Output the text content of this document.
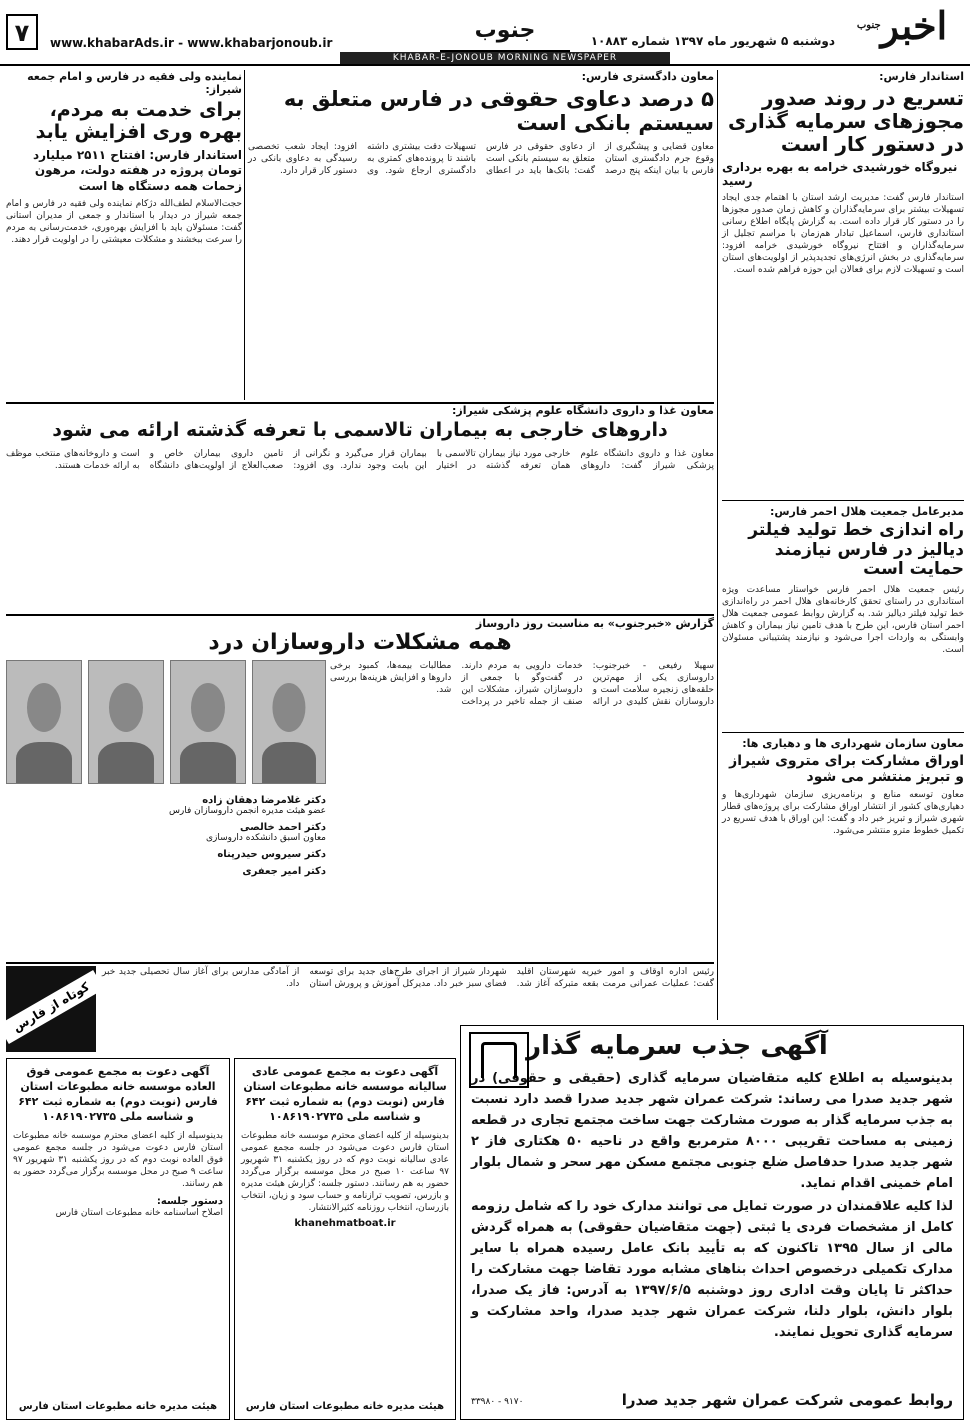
اخبر$^{جنوب}$
دوشنبه ۵ شهریور ماه ۱۳۹۷ شماره ۱۰۸۸۳
جنوب
KHABAR-E-JONOUB MORNING NEWSPAPER
www.khabarAds.ir - www.khabarjonoub.ir
۷
استاندار فارس:
تسریع در روند صدور مجوزهای سرمایه گذاری در دستور کار است
نیروگاه خورشیدی خرامه به بهره برداری رسید
استاندار فارس گفت: مدیریت ارشد استان با اهتمام جدی ایجاد تسهیلات بیشتر برای سرمایه‌گذاران و کاهش زمان صدور مجوزها را در دستور کار قرار داده است. به گزارش پایگاه اطلاع رسانی استانداری فارس، اسماعیل تبادار هم‌زمان با مراسم تجلیل از سرمایه‌گذاران و افتتاح نیروگاه خورشیدی خرامه افزود: سرمایه‌گذاری در بخش انرژی‌های تجدیدپذیر از اولویت‌های استان است و تسهیلات لازم برای فعالان این حوزه فراهم شده است.
مدیرعامل جمعیت هلال احمر فارس:
راه اندازی خط تولید فیلتر دیالیز در فارس نیازمند حمایت است
رئیس جمعیت هلال احمر فارس خواستار مساعدت ویژه استانداری در راستای تحقق کارخانه‌های هلال احمر در راه‌اندازی خط تولید فیلتر دیالیز شد. به گزارش روابط عمومی جمعیت هلال احمر استان فارس، این طرح با هدف تامین نیاز بیماران و کاهش وابستگی به واردات اجرا می‌شود و نیازمند پشتیبانی مسئولان است.
معاون سازمان شهرداری ها و دهیاری ها:
اوراق مشارکت برای متروی شیراز و تبریز منتشر می شود
معاون توسعه منابع و برنامه‌ریزی سازمان شهرداری‌ها و دهیاری‌های کشور از انتشار اوراق مشارکت برای پروژه‌های قطار شهری شیراز و تبریز خبر داد و گفت: این اوراق با هدف تسریع در تکمیل خطوط مترو منتشر می‌شود.
معاون دادگستری فارس:
۵ درصد دعاوی حقوقی در فارس متعلق به سیستم بانکی است
معاون قضایی و پیشگیری از وقوع جرم دادگستری استان فارس با بیان اینکه پنج درصد از دعاوی حقوقی در فارس متعلق به سیستم بانکی است گفت: بانک‌ها باید در اعطای تسهیلات دقت بیشتری داشته باشند تا پرونده‌های کمتری به دادگستری ارجاع شود. وی افزود: ایجاد شعب تخصصی رسیدگی به دعاوی بانکی در دستور کار قرار دارد.
نماینده ولی فقیه در فارس و امام جمعه شیراز:
برای خدمت به مردم، بهره وری افزایش یابد
استاندار فارس: افتتاح ۲۵۱۱ میلیارد تومان پروژه در هفته دولت، مرهون زحمات همه دستگاه ها است
حجت‌الاسلام لطف‌الله دژکام نماینده ولی فقیه در فارس و امام جمعه شیراز در دیدار با استاندار و جمعی از مدیران استانی گفت: مسئولان باید با افزایش بهره‌وری، خدمت‌رسانی به مردم را سرعت ببخشند و مشکلات معیشتی را در اولویت قرار دهند.
معاون غذا و داروی دانشگاه علوم پزشکی شیراز:
داروهای خارجی به بیماران تالاسمی با تعرفه گذشته ارائه می شود
معاون غذا و داروی دانشگاه علوم پزشکی شیراز گفت: داروهای خارجی مورد نیاز بیماران تالاسمی با همان تعرفه گذشته در اختیار بیماران قرار می‌گیرد و نگرانی از این بابت وجود ندارد. وی افزود: تامین داروی بیماران خاص و صعب‌العلاج از اولویت‌های دانشگاه است و داروخانه‌های منتخب موظف به ارائه خدمات هستند.
گزارش «خبرجنوب» به مناسبت روز داروساز
همه مشکلات داروسازان درد
سهیلا رفیعی - خبرجنوب: داروسازی یکی از مهم‌ترین حلقه‌های زنجیره سلامت است و داروسازان نقش کلیدی در ارائه خدمات دارویی به مردم دارند. در گفت‌وگو با جمعی از داروسازان شیراز، مشکلات این صنف از جمله تاخیر در پرداخت مطالبات بیمه‌ها، کمبود برخی داروها و افزایش هزینه‌ها بررسی شد.
دکتر غلامرضا دهقان زاده
عضو هیئت مدیره انجمن داروسازان فارس
دکتر احمد خالصی
معاون اسبق دانشکده داروسازی
دکتر سیروس حیدرپناه
دکتر امیر جعفری
کوتاه از فارس
رئیس اداره اوقاف و امور خیریه شهرستان اقلید گفت: عملیات عمرانی مرمت بقعه متبرکه آغاز شد. شهردار شیراز از اجرای طرح‌های جدید برای توسعه فضای سبز خبر داد. مدیرکل آموزش و پرورش استان از آمادگی مدارس برای آغاز سال تحصیلی جدید خبر داد.
آگهی جذب سرمایه گذار
بدینوسیله به اطلاع کلیه متقاضیان سرمایه گذاری (حقیقی و حقوقی) در شهر جدید صدرا می رساند: شرکت عمران شهر جدید صدرا قصد دارد نسبت به جذب سرمایه گذار به صورت مشارکت جهت ساخت مجتمع تجاری در قطعه زمینی به مساحت تقریبی ۸۰۰۰ مترمربع واقع در ناحیه ۵۰ هکتاری فاز ۲ شهر جدید صدرا حدفاصل ضلع جنوبی مجتمع مسکن مهر سحر و شمال بلوار امام خمینی اقدام نماید.
لذا کلیه علاقمندان در صورت تمایل می توانند مدارک خود را که شامل رزومه کامل از مشخصات فردی یا ثبتی (جهت متقاضیان حقوقی) به همراه گردش مالی از سال ۱۳۹۵ تاکنون که به تأیید بانک عامل رسیده همراه با سایر مدارک تکمیلی درخصوص احداث بناهای مشابه مورد تقاضا جهت مشارکت را حداکثر تا پایان وقت اداری روز دوشنبه ۱۳۹۷/۶/۵ به آدرس: فاز یک صدرا، بلوار دانش، بلوار دلنا، شرکت عمران شهر جدید صدرا، واحد مشارکت و سرمایه گذاری تحویل نمایند.
روابط عمومی شرکت عمران شهر جدید صدرا
۳۳۹۸۰ - ۹۱۷۰
آگهی دعوت به مجمع عمومی عادی سالیانه موسسه خانه مطبوعات استان فارس (نوبت دوم) به شماره ثبت ۶۴۲ و شناسه ملی ۱۰۸۶۱۹۰۲۷۳۵
بدینوسیله از کلیه اعضای محترم موسسه خانه مطبوعات استان فارس دعوت می‌شود در جلسه مجمع عمومی عادی سالیانه نوبت دوم که در روز یکشنبه ۳۱ شهریور ۹۷ ساعت ۱۰ صبح در محل موسسه برگزار می‌گردد حضور به هم رسانند. دستور جلسه: گزارش هیئت مدیره و بازرس، تصویب ترازنامه و حساب سود و زیان، انتخاب بازرسان، انتخاب روزنامه کثیرالانتشار.
khanehmatboat.ir
هیئت مدیره خانه مطبوعات استان فارس
آگهی دعوت به مجمع عمومی فوق العاده موسسه خانه مطبوعات استان فارس (نوبت دوم) به شماره ثبت ۶۴۲ و شناسه ملی ۱۰۸۶۱۹۰۲۷۳۵
بدینوسیله از کلیه اعضای محترم موسسه خانه مطبوعات استان فارس دعوت می‌شود در جلسه مجمع عمومی فوق العاده نوبت دوم که در روز یکشنبه ۳۱ شهریور ۹۷ ساعت ۹ صبح در محل موسسه برگزار می‌گردد حضور به هم رسانند.
دستور جلسه:
اصلاح اساسنامه خانه مطبوعات استان فارس
هیئت مدیره خانه مطبوعات استان فارس
